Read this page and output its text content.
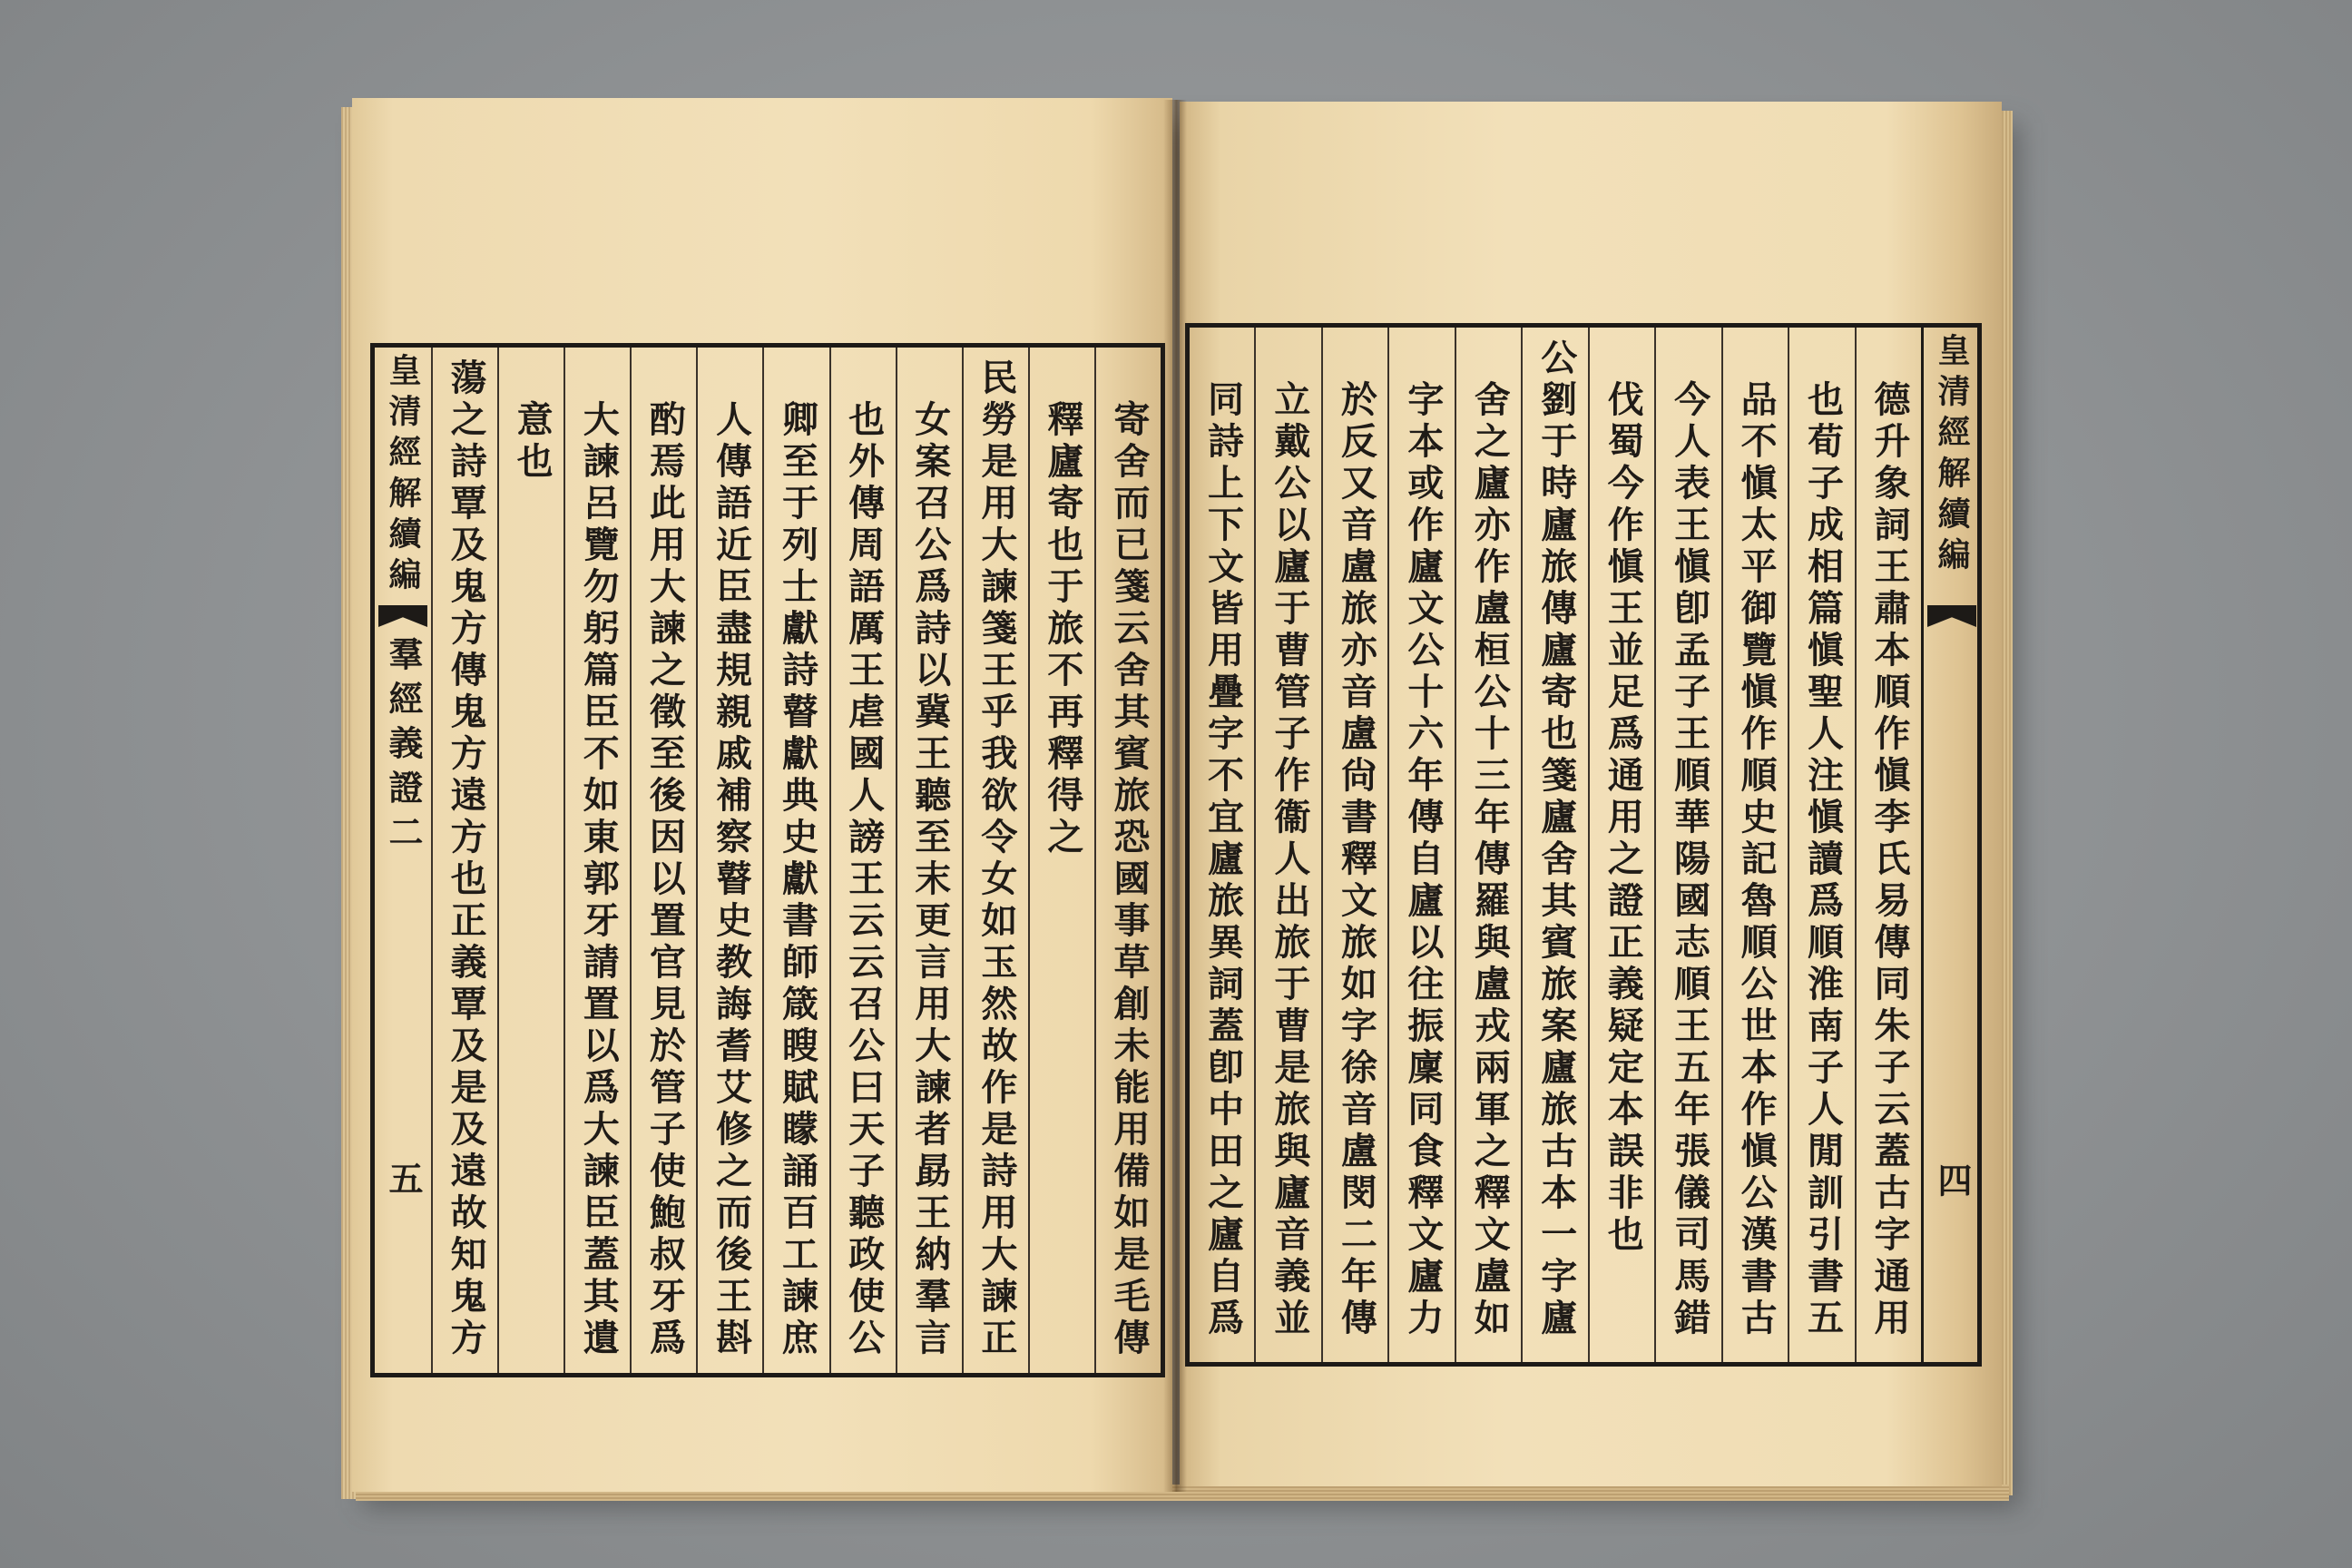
寄舍而已箋云舍其賓旅恐國事草創未能用備如是毛傳
釋廬寄也于旅不再釋得之
民勞是用大諫箋王乎我欲令女如玉然故作是詩用大諫正
女案召公爲詩以冀王聽至末更言用大諫者勗王納羣言
也外傳周語厲王虐國人謗王云云召公曰天子聽政使公
卿至于列士獻詩瞽獻典史獻書師箴瞍賦矇誦百工諫庶
人傳語近臣盡規親戚補察瞽史教誨耆艾修之而後王斟
酌焉此用大諫之徵至後因以置官見於管子使鮑叔牙爲
大諫呂覽勿躬篇臣不如東郭牙請置以爲大諫臣蓋其遺
意也
蕩之詩覃及鬼方傳鬼方遠方也正義覃及是及遠故知鬼方
皇清經解續編
羣經義證二
五
皇清經解續編
四
德升象詞王肅本順作愼李氏易傳同朱子云蓋古字通用
也荀子成相篇愼聖人注愼讀爲順淮南子人閒訓引書五
品不愼太平御覽愼作順史記魯順公世本作愼公漢書古
今人表王愼卽孟子王順華陽國志順王五年張儀司馬錯
伐蜀今作愼王並足爲通用之證正義疑定本誤非也
公劉于時廬旅傳廬寄也箋廬舍其賓旅案廬旅古本一字廬
舍之廬亦作盧桓公十三年傳羅與盧戎兩軍之釋文盧如
字本或作廬文公十六年傳自廬以往振廩同食釋文廬力
於反又音盧旅亦音盧尙書釋文旅如字徐音盧閔二年傳
立戴公以廬于曹管子作衞人出旅于曹是旅與廬音義並
同詩上下文皆用疊字不宜廬旅異詞蓋卽中田之廬自爲
